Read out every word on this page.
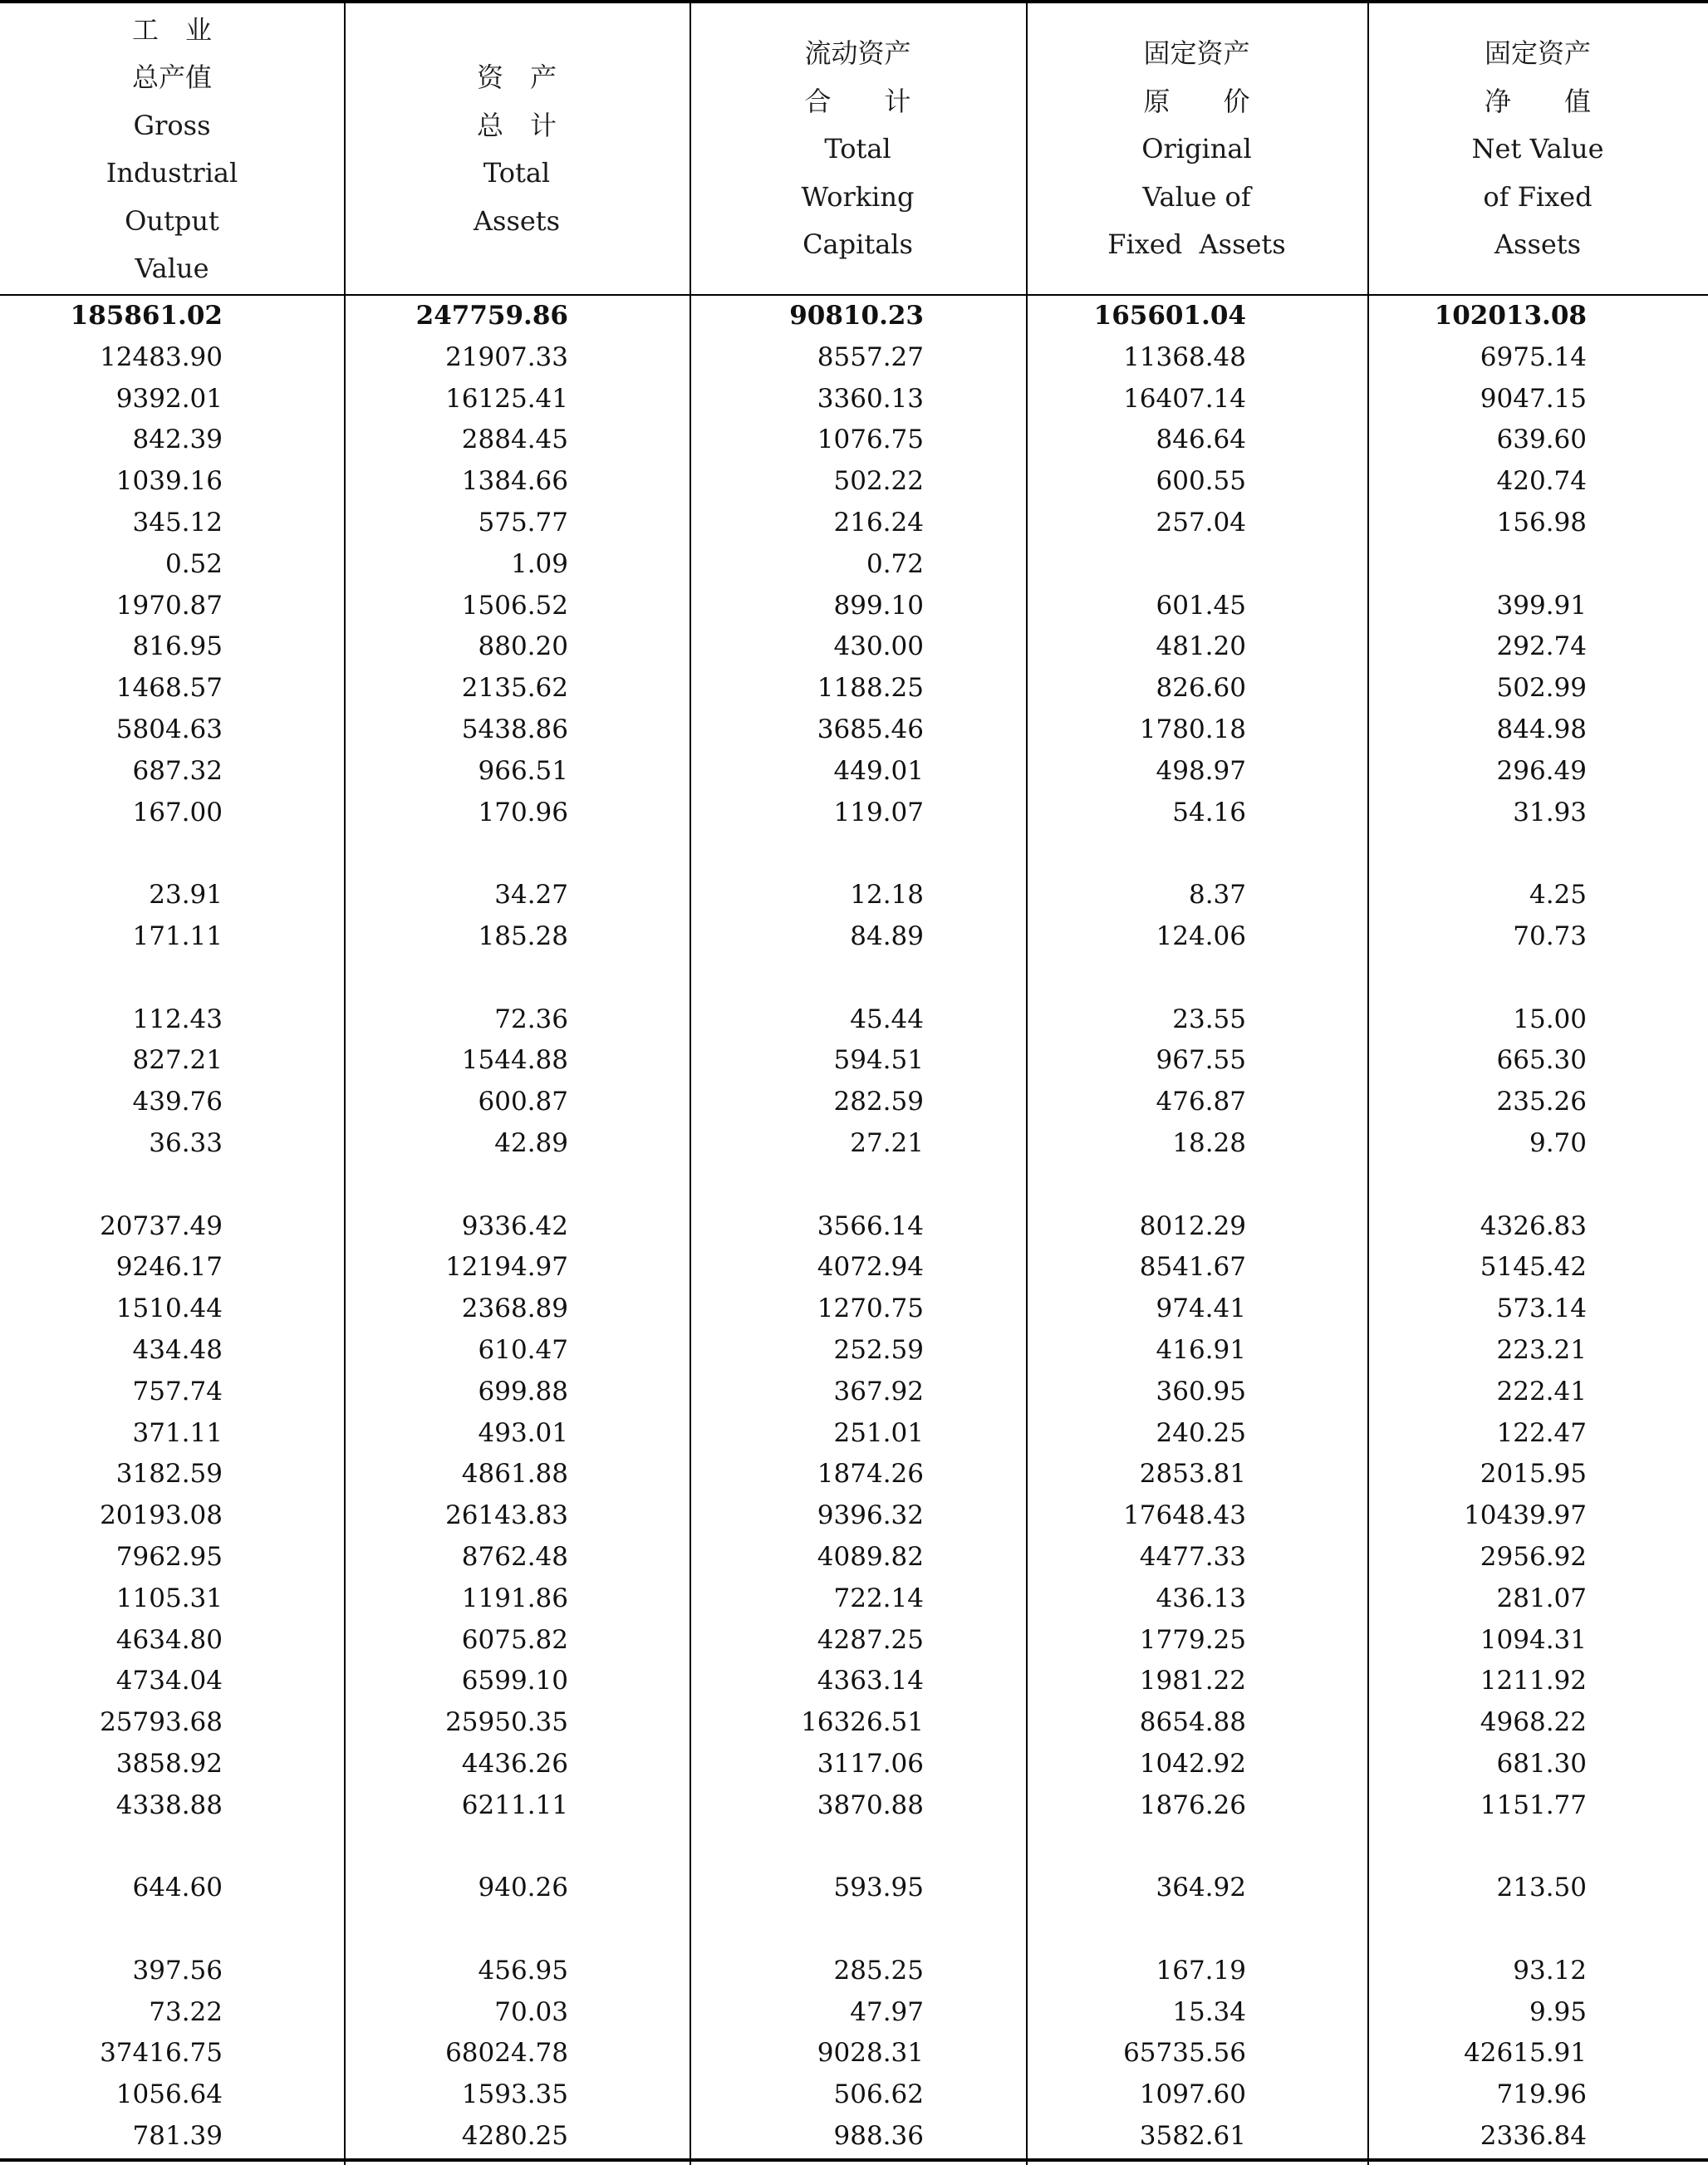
工　业
总产值
Gross
Industrial
Output
Value
资　产
总　计
Total
Assets
流动资产
合　　计
Total
Working
Capitals
固定资产
原　　价
Original
Value of
Fixed  Assets
固定资产
净　　值
Net Value
of Fixed
Assets
185861.02	247759.86	90810.23	165601.04	102013.08
12483.90	21907.33	8557.27	11368.48	6975.14
9392.01	16125.41	3360.13	16407.14	9047.15
842.39	2884.45	1076.75	846.64	639.60
1039.16	1384.66	502.22	600.55	420.74
345.12	575.77	216.24	257.04	156.98
0.52	1.09	0.72
1970.87	1506.52	899.10	601.45	399.91
816.95	880.20	430.00	481.20	292.74
1468.57	2135.62	1188.25	826.60	502.99
5804.63	5438.86	3685.46	1780.18	844.98
687.32	966.51	449.01	498.97	296.49
167.00	170.96	119.07	54.16	31.93
23.91	34.27	12.18	8.37	4.25
171.11	185.28	84.89	124.06	70.73
112.43	72.36	45.44	23.55	15.00
827.21	1544.88	594.51	967.55	665.30
439.76	600.87	282.59	476.87	235.26
36.33	42.89	27.21	18.28	9.70
20737.49	9336.42	3566.14	8012.29	4326.83
9246.17	12194.97	4072.94	8541.67	5145.42
1510.44	2368.89	1270.75	974.41	573.14
434.48	610.47	252.59	416.91	223.21
757.74	699.88	367.92	360.95	222.41
371.11	493.01	251.01	240.25	122.47
3182.59	4861.88	1874.26	2853.81	2015.95
20193.08	26143.83	9396.32	17648.43	10439.97
7962.95	8762.48	4089.82	4477.33	2956.92
1105.31	1191.86	722.14	436.13	281.07
4634.80	6075.82	4287.25	1779.25	1094.31
4734.04	6599.10	4363.14	1981.22	1211.92
25793.68	25950.35	16326.51	8654.88	4968.22
3858.92	4436.26	3117.06	1042.92	681.30
4338.88	6211.11	3870.88	1876.26	1151.77
644.60	940.26	593.95	364.92	213.50
397.56	456.95	285.25	167.19	93.12
73.22	70.03	47.97	15.34	9.95
37416.75	68024.78	9028.31	65735.56	42615.91
1056.64	1593.35	506.62	1097.60	719.96
781.39	4280.25	988.36	3582.61	2336.84
